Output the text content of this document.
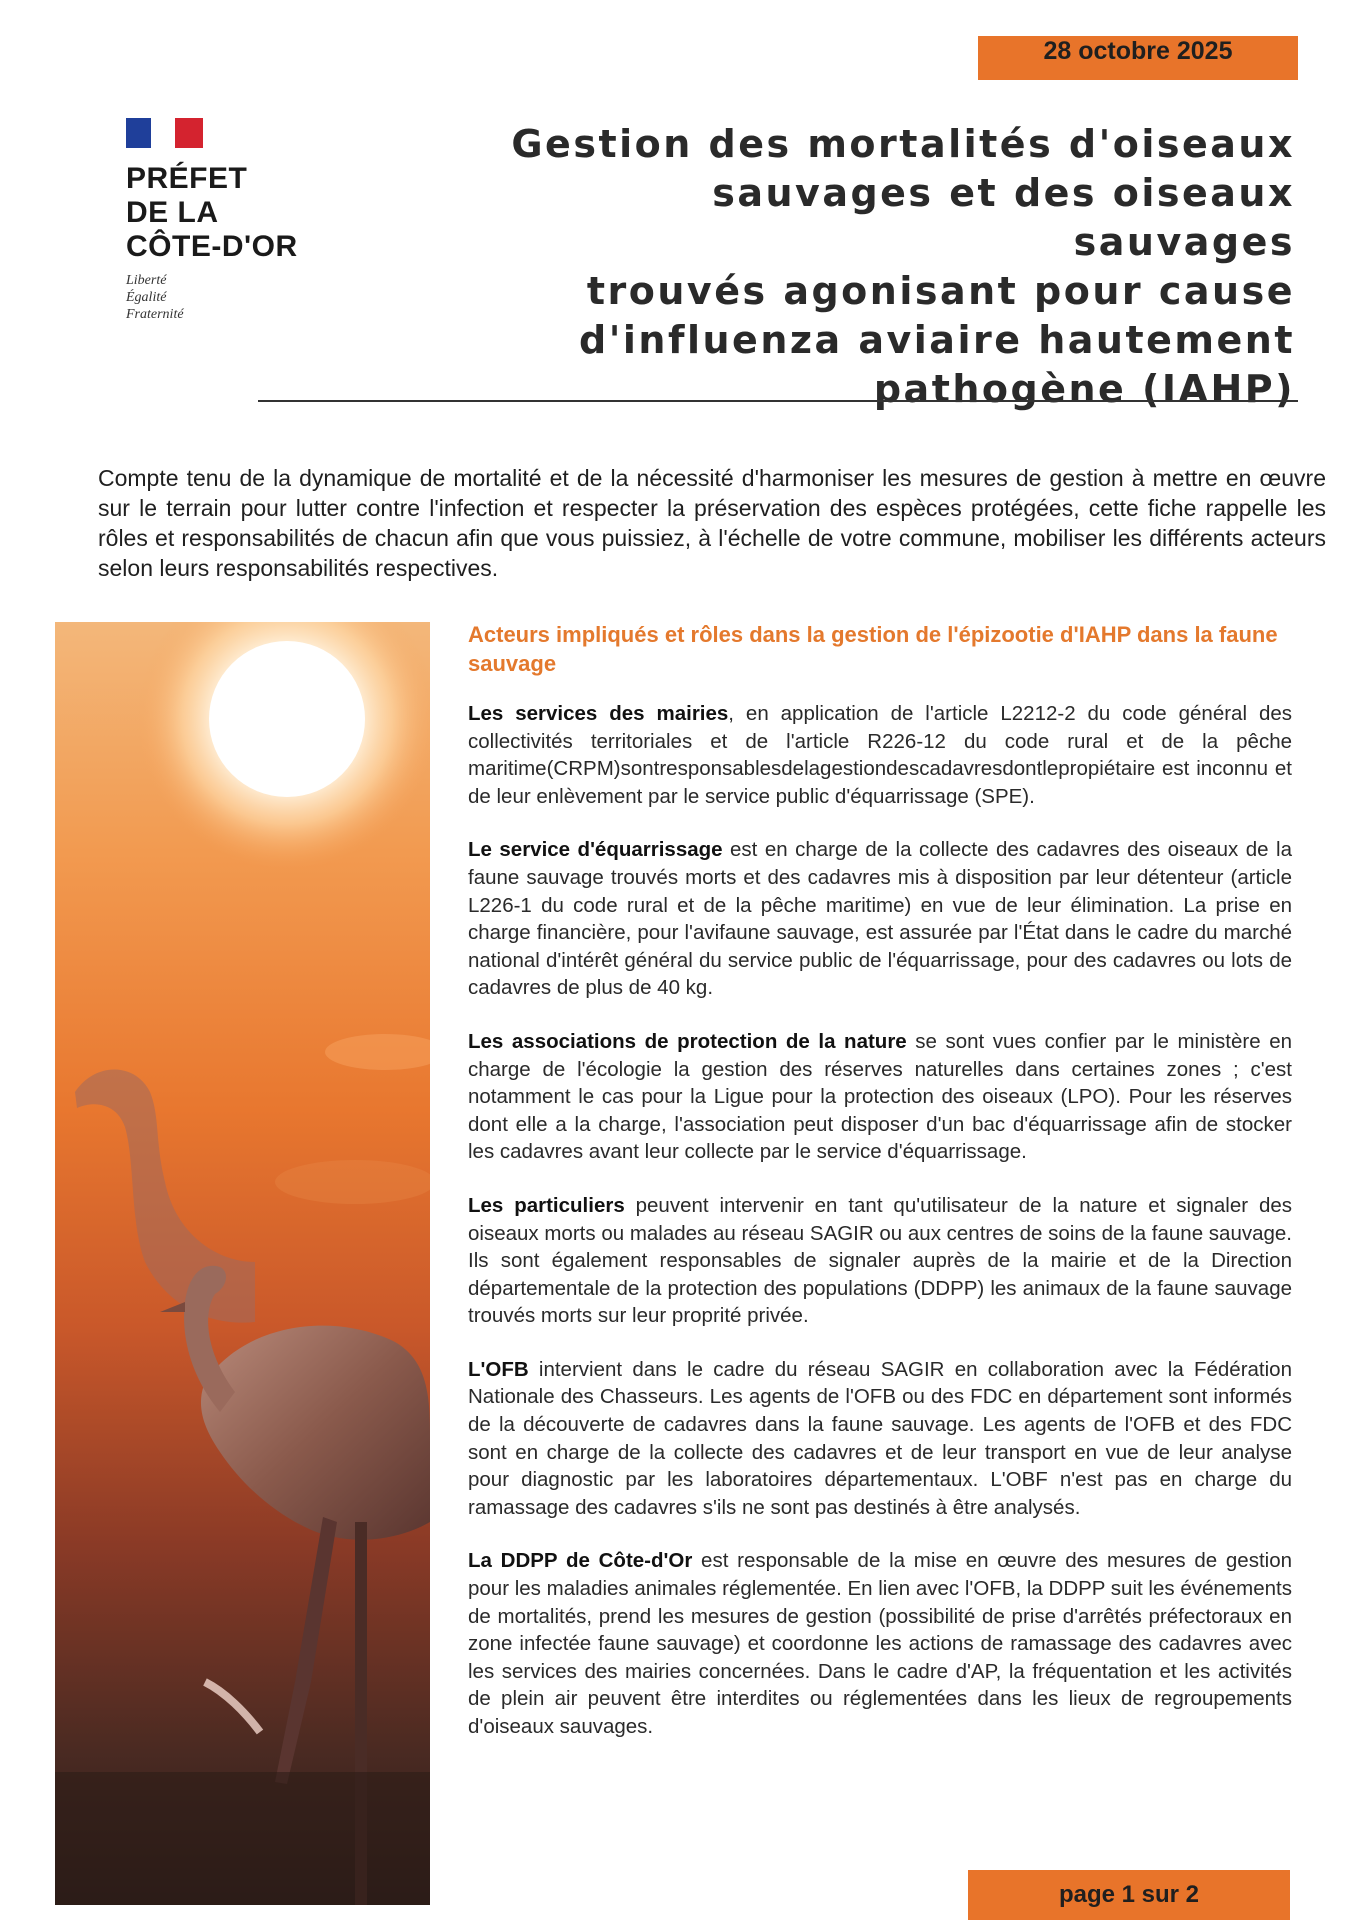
28 octobre 2025
PRÉFET
DE LA
CÔTE-D'OR
Liberté
Égalité
Fraternité
Gestion des mortalités d'oiseaux
sauvages et des oiseaux sauvages
trouvés agonisant pour cause
d'influenza aviaire hautement
pathogène (IAHP)

Compte tenu de la dynamique de mortalité et de la nécessité d'harmoniser les mesures de gestion à mettre en œuvre sur le terrain pour lutter contre l'infection et respecter la préservation des espèces protégées, cette fiche rappelle les rôles et responsabilités de chacun afin que vous puissiez, à l'échelle de votre commune, mobiliser les différents acteurs selon leurs responsabilités respectives.

Acteurs impliqués et rôles dans la gestion de l'épizootie d'IAHP dans la faune sauvage

Les services des mairies, en application de l'article L2212-2 du code général des collectivités territoriales et de l'article R226-12 du code rural et de la pêche maritime(CRPM)sontresponsablesdelagestiondescadavresdontlepropiétaire est inconnu et de leur enlèvement par le service public d'équarrissage (SPE).

Le service d'équarrissage est en charge de la collecte des cadavres des oiseaux de la faune sauvage trouvés morts et des cadavres mis à disposition par leur détenteur (article L226-1 du code rural et de la pêche maritime) en vue de leur élimination. La prise en charge financière, pour l'avifaune sauvage, est assurée par l'État dans le cadre du marché national d'intérêt général du service public de l'équarrissage, pour des cadavres ou lots de cadavres de plus de 40 kg.

Les associations de protection de la nature se sont vues confier par le ministère en charge de l'écologie la gestion des réserves naturelles dans certaines zones ; c'est notamment le cas pour la Ligue pour la protection des oiseaux (LPO). Pour les réserves dont elle a la charge, l'association peut disposer d'un bac d'équarrissage afin de stocker les cadavres avant leur collecte par le service d'équarrissage.

Les particuliers peuvent intervenir en tant qu'utilisateur de la nature et signaler des oiseaux morts ou malades au réseau SAGIR ou aux centres de soins de la faune sauvage. Ils sont également responsables de signaler auprès de la mairie et de la Direction départementale de la protection des populations (DDPP) les animaux de la faune sauvage trouvés morts sur leur proprité privée.

L'OFB intervient dans le cadre du réseau SAGIR en collaboration avec la Fédération Nationale des Chasseurs. Les agents de l'OFB ou des FDC en département sont informés de la découverte de cadavres dans la faune sauvage. Les agents de l'OFB et des FDC sont en charge de la collecte des cadavres et de leur transport en vue de leur analyse pour diagnostic par les laboratoires départementaux. L'OBF n'est pas en charge du ramassage des cadavres s'ils ne sont pas destinés à être analysés.

La DDPP de Côte-d'Or est responsable de la mise en œuvre des mesures de gestion pour les maladies animales réglementée. En lien avec l'OFB, la DDPP suit les événements de mortalités, prend les mesures de gestion (possibilité de prise d'arrêtés préfectoraux en zone infectée faune sauvage) et coordonne les actions de ramassage des cadavres avec les services des mairies concernées. Dans le cadre d'AP, la fréquentation et les activités de plein air peuvent être interdites ou réglementées dans les lieux de regroupements d'oiseaux sauvages.

page 1 sur 2
